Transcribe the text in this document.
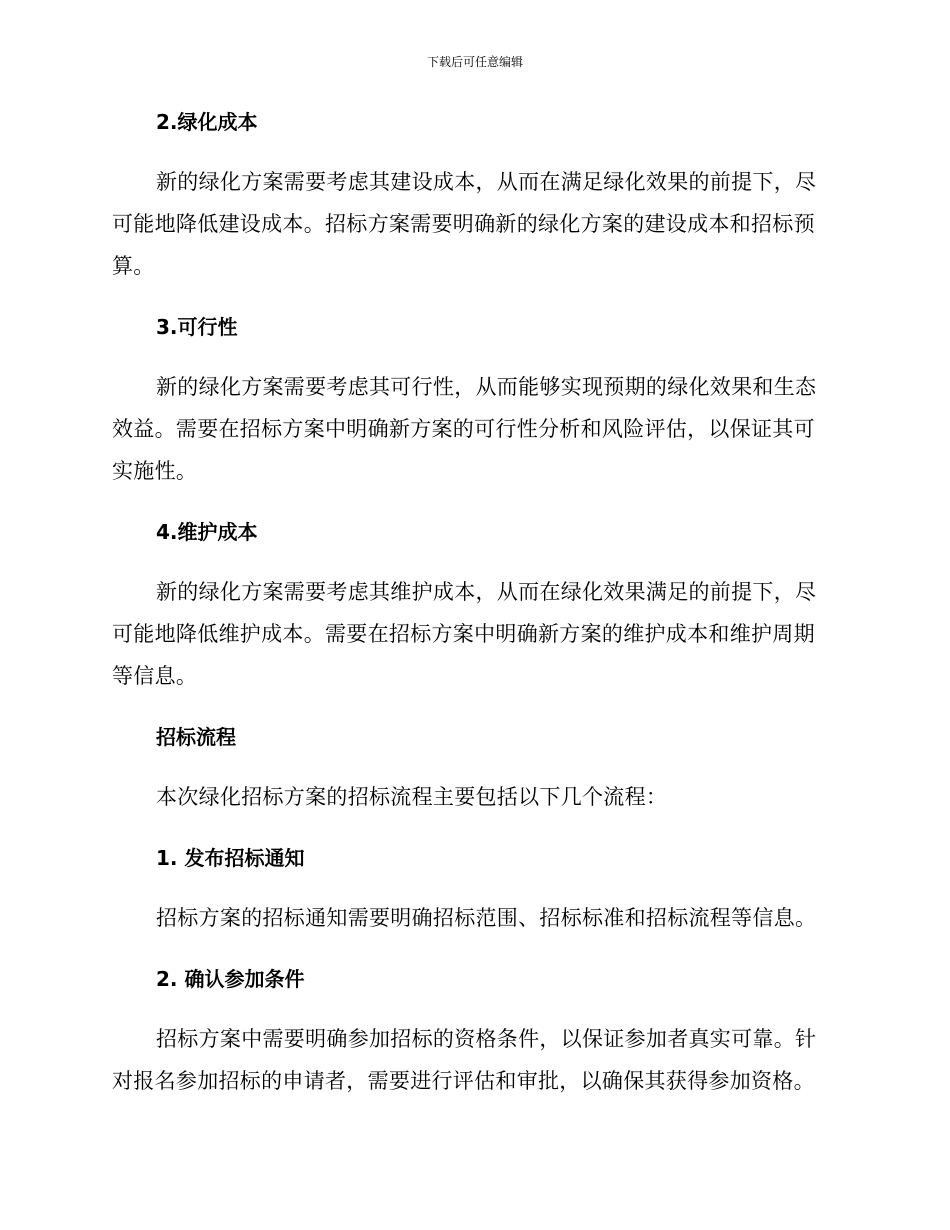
下载后可任意编辑
2.绿化成本

新的绿化方案需要考虑其建设成本，从而在满足绿化效果的前提下，尽可能地降低建设成本。招标方案需要明确新的绿化方案的建设成本和招标预算。

3.可行性

新的绿化方案需要考虑其可行性，从而能够实现预期的绿化效果和生态效益。需要在招标方案中明确新方案的可行性分析和风险评估，以保证其可实施性。

4.维护成本

新的绿化方案需要考虑其维护成本，从而在绿化效果满足的前提下，尽可能地降低维护成本。需要在招标方案中明确新方案的维护成本和维护周期等信息。

招标流程

本次绿化招标方案的招标流程主要包括以下几个流程：

1. 发布招标通知

招标方案的招标通知需要明确招标范围、招标标准和招标流程等信息。

2. 确认参加条件

招标方案中需要明确参加招标的资格条件，以保证参加者真实可靠。针对报名参加招标的申请者，需要进行评估和审批，以确保其获得参加资格。
